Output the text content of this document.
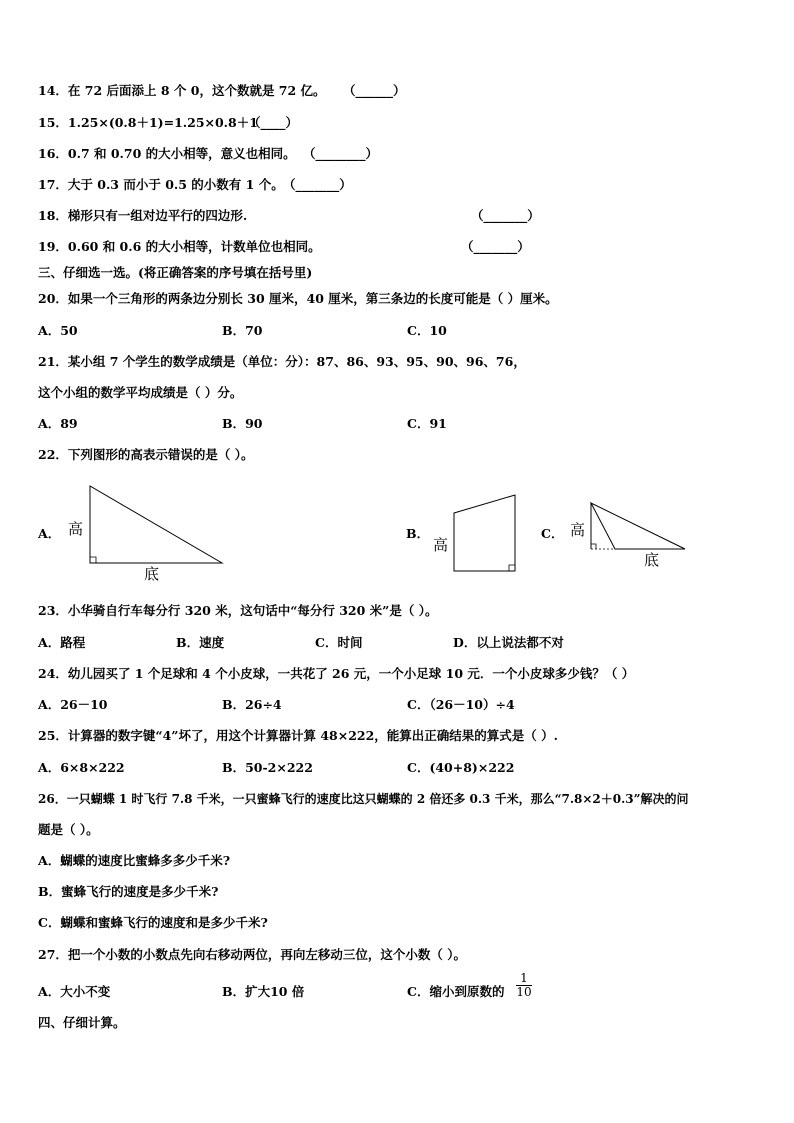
14．在 72 后面添上 8 个 0，这个数就是 72 亿。 （______）
15．1.25×(0.8＋1)=1.25×0.8＋1
（____）
16．0.7 和 0.70 的大小相等，意义也相同。 （________）
17．大于 0.3 而小于 0.5 的小数有 1 个。 （_______）
18．梯形只有一组对边平行的四边形.	（_______）
19．0.60 和 0.6 的大小相等，计数单位也相同。	（_______）
三、仔细选一选。(将正确答案的序号填在括号里)
20．如果一个三角形的两条边分别长 30 厘米，40 厘米，第三条边的长度可能是（ ）厘米。
A．50	B．70	C．10
21．某小组 7 个学生的数学成绩是（单位：分）：87、86、93、95、90、96、76，
这个小组的数学平均成绩是（ ）分。
A．89	B．90	C．91
22．下列图形的高表示错误的是（ ）。
A．	B．	C．
高
底
高
高
底
23．小华骑自行车每分行 320 米，这句话中“每分行 320 米”是（ ）。
A．路程	B．速度	C．时间	D．以上说法都不对
24．幼儿园买了 1 个足球和 4 个小皮球，一共花了 26 元，一个小足球 10 元．一个小皮球多少钱？（ ）
A．26－10	B．26÷4	C．（26－10）÷4
25．计算器的数字键“4”坏了，用这个计算器计算 48×222，能算出正确结果的算式是（ ）.
A．6×8×222	B．50-2×222	C．(40+8)×222
26．一只蝴蝶 1 时飞行 7.8 千米，一只蜜蜂飞行的速度比这只蝴蝶的 2 倍还多 0.3 千米，那么“7.8×2＋0.3”解决的问
题是（ ）。
A．蝴蝶的速度比蜜蜂多多少千米?
B．蜜蜂飞行的速度是多少千米?
C．蝴蝶和蜜蜂飞行的速度和是多少千米?
27．把一个小数的小数点先向右移动两位，再向左移动三位，这个小数（ ）。
A．大小不变	B．扩大10 倍	C．缩小到原数的 $\frac{1}{10}$
四、仔细计算。
